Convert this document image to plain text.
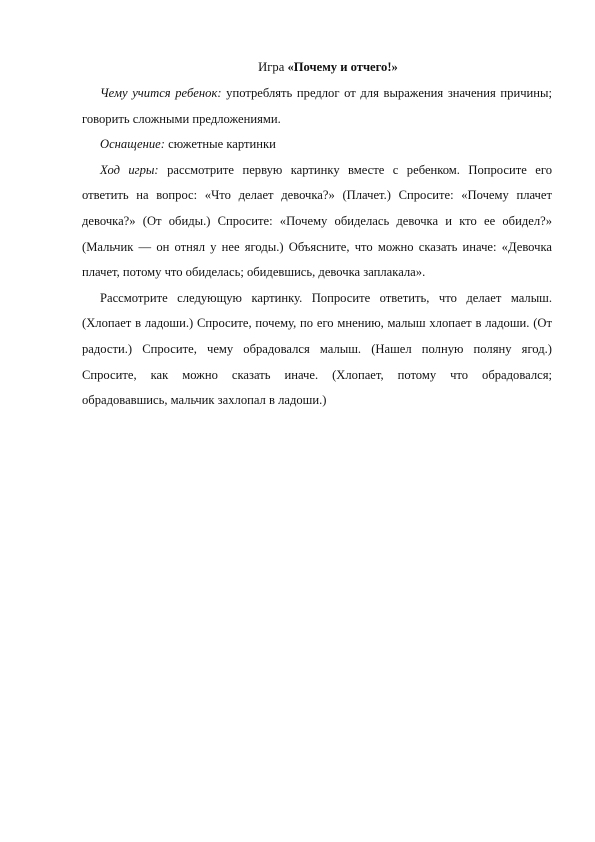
Игра «Почему и отчего!»

Чему учится ребенок: употреблять предлог от для выражения значения причины; говорить сложными предложениями.

Оснащение: сюжетные картинки

Ход игры: рассмотрите первую картинку вместе с ребенком. Попросите его ответить на вопрос: «Что делает девочка?» (Плачет.) Спросите: «Почему плачет девочка?» (От обиды.) Спросите: «Почему обиделась девочка и кто ее обидел?» (Мальчик — он отнял у нее ягоды.) Объясните, что можно сказать иначе: «Девочка плачет, потому что обиделась; обидевшись, девочка заплакала».

Рассмотрите следующую картинку. Попросите ответить, что делает малыш. (Хлопает в ладоши.) Спросите, почему, по его мнению, малыш хлопает в ладоши. (От радости.) Спросите, чему обрадовался малыш. (Нашел полную поляну ягод.) Спросите, как можно сказать иначе. (Хлопает, потому что обрадовался; обрадовавшись, мальчик захлопал в ладоши.)
